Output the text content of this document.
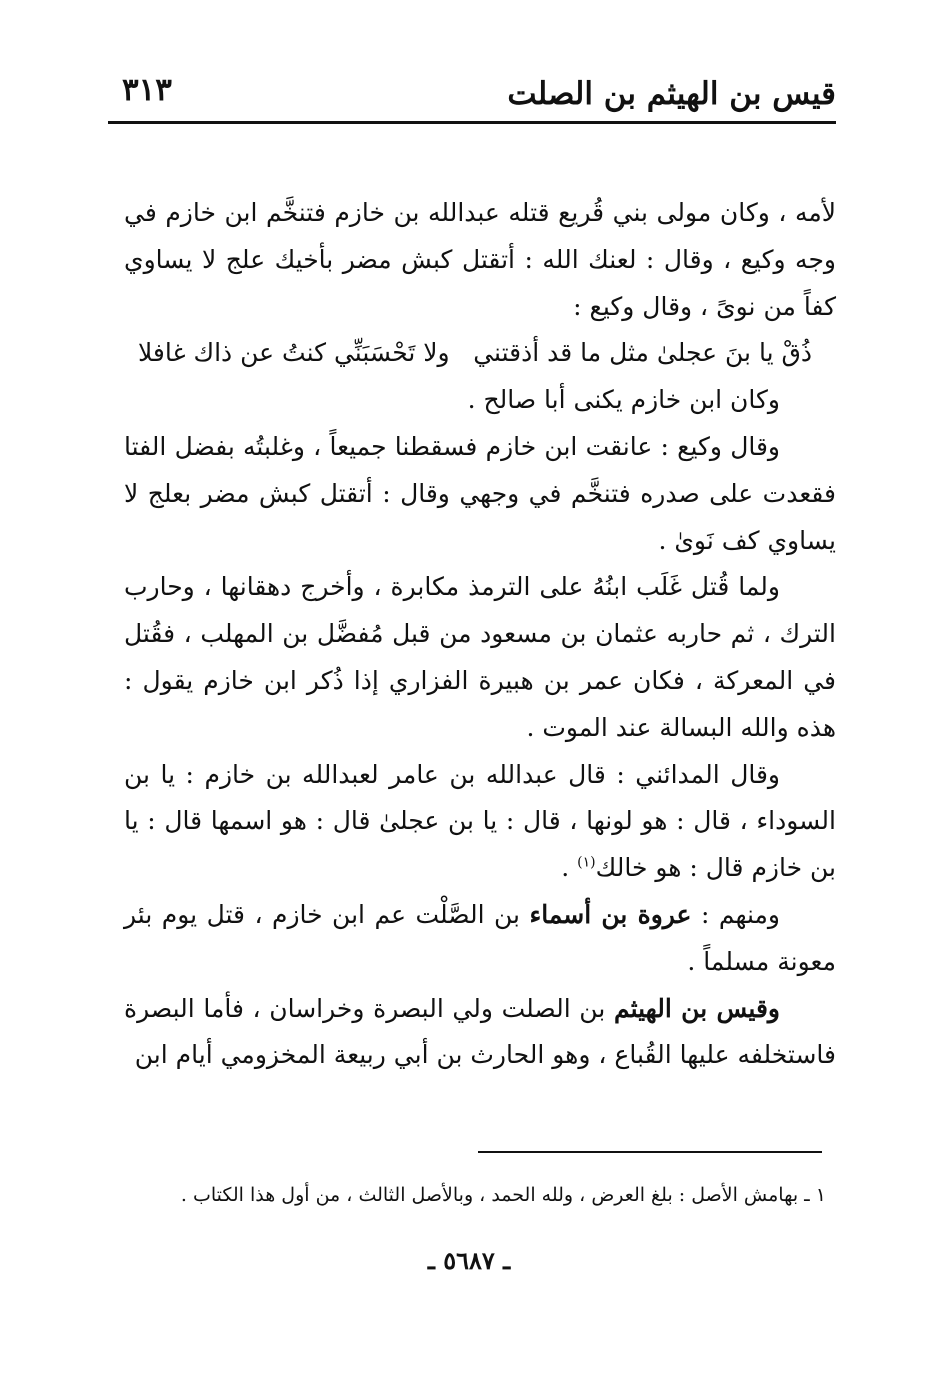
قيس بن الهيثم بن الصلت
٣١٣

لأمه ، وكان مولى بني قُريع قتله عبدالله بن خازم فتنخَّم ابن خازم في وجه وكيع ، وقال : لعنك الله : أتقتل كبش مضر بأخيك علج لا يساوي كفاً من نوىً ، وقال وكيع :

ذُقْ يا بنَ عجلىٰ مثل ما قد أذقتني
ولا تَحْسَبَنِّي كنتُ عن ذاك غافلا

وكان ابن خازم يكنى أبا صالح .

وقال وكيع : عانقت ابن خازم فسقطنا جميعاً ، وغلبتُه بفضل الفتا فقعدت على صدره فتنخَّم في وجهي وقال : أتقتل كبش مضر بعلج لا يساوي كف نَوىٰ .

ولما قُتل غَلَب ابنُهُ على الترمذ مكابرة ، وأخرج دهقانها ، وحارب الترك ، ثم حاربه عثمان بن مسعود من قبل مُفضَّل بن المهلب ، فقُتل في المعركة ، فكان عمر بن هبيرة الفزاري إذا ذُكر ابن خازم يقول : هذه والله البسالة عند الموت .

وقال المدائني : قال عبدالله بن عامر لعبدالله بن خازم : يا بن السوداء ، قال : هو لونها ، قال : يا بن عجلىٰ قال : هو اسمها قال : يا بن خازم قال : هو خالك$^{(١)}$ .

ومنهم : عروة بن أسماء بن الصَّلْت عم ابن خازم ، قتل يوم بئر معونة مسلماً .

وقيس بن الهيثم بن الصلت ولي البصرة وخراسان ، فأما البصرة فاستخلفه عليها القُباع ، وهو الحارث بن أبي ربيعة المخزومي أيام ابن

١ ـ بهامش الأصل : بلغ العرض ، ولله الحمد ، وبالأصل الثالث ، من أول هذا الكتاب .
ـ ٥٦٨٧ ـ
